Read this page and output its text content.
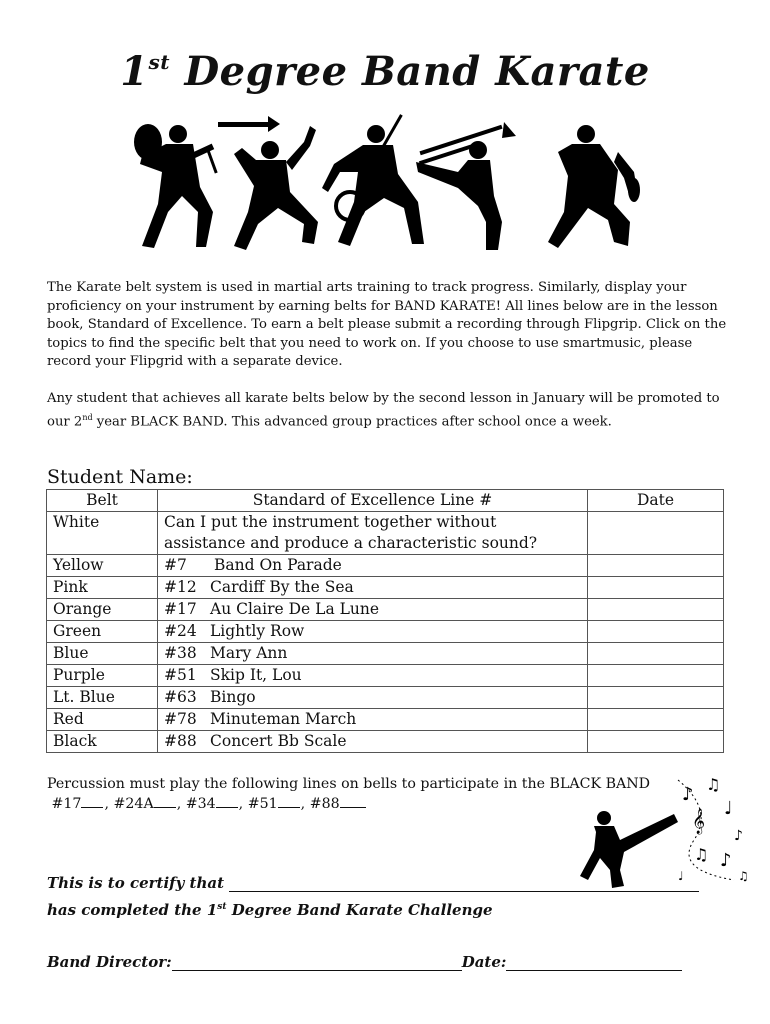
1st Degree Band Karate
The Karate belt system is used in martial arts training to track progress. Similarly, display your proficiency on your instrument by earning belts for BAND KARATE! All lines below are in the lesson book, Standard of Excellence. To earn a belt please submit a recording through Flipgrip. Click on the topics to find the specific belt that you need to work on. If you choose to use smartmusic, please record your Flipgrid with a separate device.
Any student that achieves all karate belts below by the second lesson in January will be promoted to our 2nd year BLACK BAND. This advanced group practices after school once a week.
Student Name:
Belt	Standard of Excellence Line #	Date
White	Can I put the instrument together without assistance and produce a characteristic sound?	
Yellow	#7 Band On Parade	
Pink	#12 Cardiff By the Sea	
Orange	#17 Au Claire De La Lune	
Green	#24 Lightly Row	
Blue	#38 Mary Ann	
Purple	#51 Skip It, Lou	
Lt. Blue	#63 Bingo	
Red	#78 Minuteman March	
Black	#88 Concert Bb Scale	
Percussion must play the following lines on bells to participate in the BLACK BAND
#17 , #24A , #34 , #51 , #88	♪ ♫
♩
𝄞
♪
♫ ♪
♩	♫
This is to certify that
has completed the 1st Degree Band Karate Challenge
Band Director:	Date:
